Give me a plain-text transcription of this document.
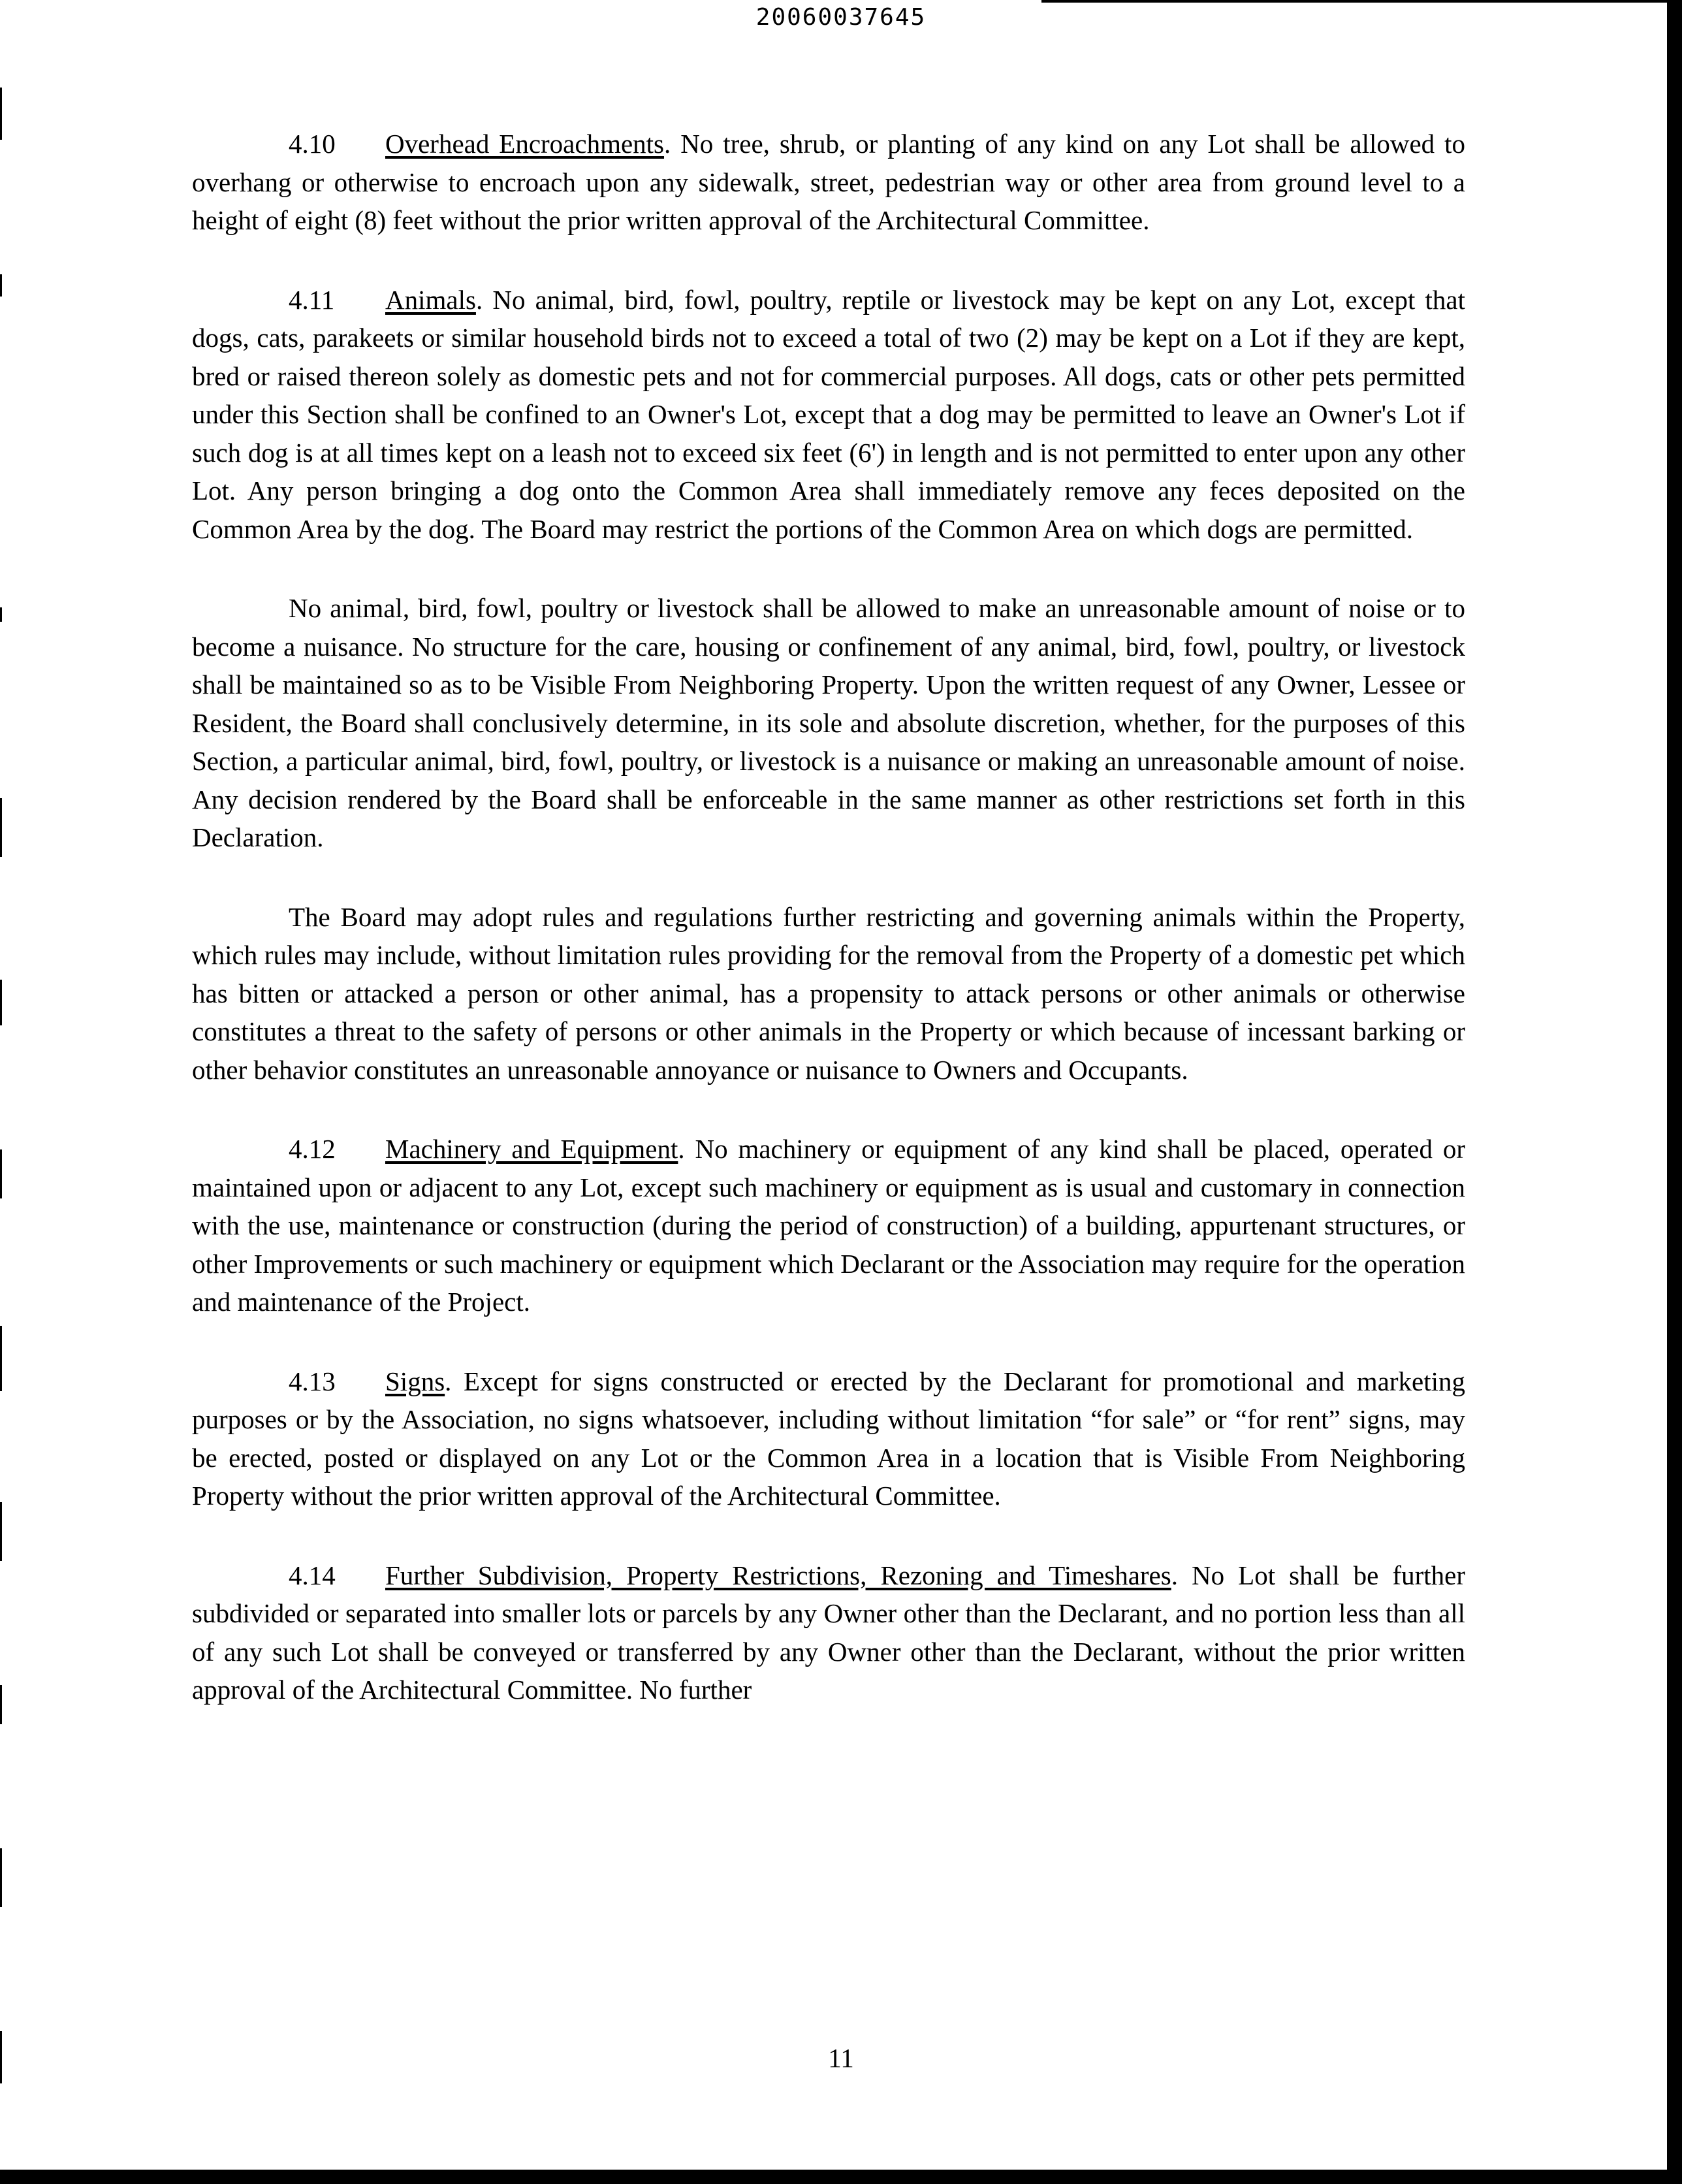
20060037645

4.10 Overhead Encroachments. No tree, shrub, or planting of any kind on any Lot shall be allowed to overhang or otherwise to encroach upon any sidewalk, street, pedestrian way or other area from ground level to a height of eight (8) feet without the prior written approval of the Architectural Committee.

4.11 Animals. No animal, bird, fowl, poultry, reptile or livestock may be kept on any Lot, except that dogs, cats, parakeets or similar household birds not to exceed a total of two (2) may be kept on a Lot if they are kept, bred or raised thereon solely as domestic pets and not for commercial purposes. All dogs, cats or other pets permitted under this Section shall be confined to an Owner's Lot, except that a dog may be permitted to leave an Owner's Lot if such dog is at all times kept on a leash not to exceed six feet (6') in length and is not permitted to enter upon any other Lot. Any person bringing a dog onto the Common Area shall immediately remove any feces deposited on the Common Area by the dog. The Board may restrict the portions of the Common Area on which dogs are permitted.

No animal, bird, fowl, poultry or livestock shall be allowed to make an unreasonable amount of noise or to become a nuisance. No structure for the care, housing or confinement of any animal, bird, fowl, poultry, or livestock shall be maintained so as to be Visible From Neighboring Property. Upon the written request of any Owner, Lessee or Resident, the Board shall conclusively determine, in its sole and absolute discretion, whether, for the purposes of this Section, a particular animal, bird, fowl, poultry, or livestock is a nuisance or making an unreasonable amount of noise. Any decision rendered by the Board shall be enforceable in the same manner as other restrictions set forth in this Declaration.

The Board may adopt rules and regulations further restricting and governing animals within the Property, which rules may include, without limitation rules providing for the removal from the Property of a domestic pet which has bitten or attacked a person or other animal, has a propensity to attack persons or other animals or otherwise constitutes a threat to the safety of persons or other animals in the Property or which because of incessant barking or other behavior constitutes an unreasonable annoyance or nuisance to Owners and Occupants.

4.12 Machinery and Equipment. No machinery or equipment of any kind shall be placed, operated or maintained upon or adjacent to any Lot, except such machinery or equipment as is usual and customary in connection with the use, maintenance or construction (during the period of construction) of a building, appurtenant structures, or other Improvements or such machinery or equipment which Declarant or the Association may require for the operation and maintenance of the Project.

4.13 Signs. Except for signs constructed or erected by the Declarant for promotional and marketing purposes or by the Association, no signs whatsoever, including without limitation “for sale” or “for rent” signs, may be erected, posted or displayed on any Lot or the Common Area in a location that is Visible From Neighboring Property without the prior written approval of the Architectural Committee.

4.14 Further Subdivision, Property Restrictions, Rezoning and Timeshares. No Lot shall be further subdivided or separated into smaller lots or parcels by any Owner other than the Declarant, and no portion less than all of any such Lot shall be conveyed or transferred by any Owner other than the Declarant, without the prior written approval of the Architectural Committee. No further

11
